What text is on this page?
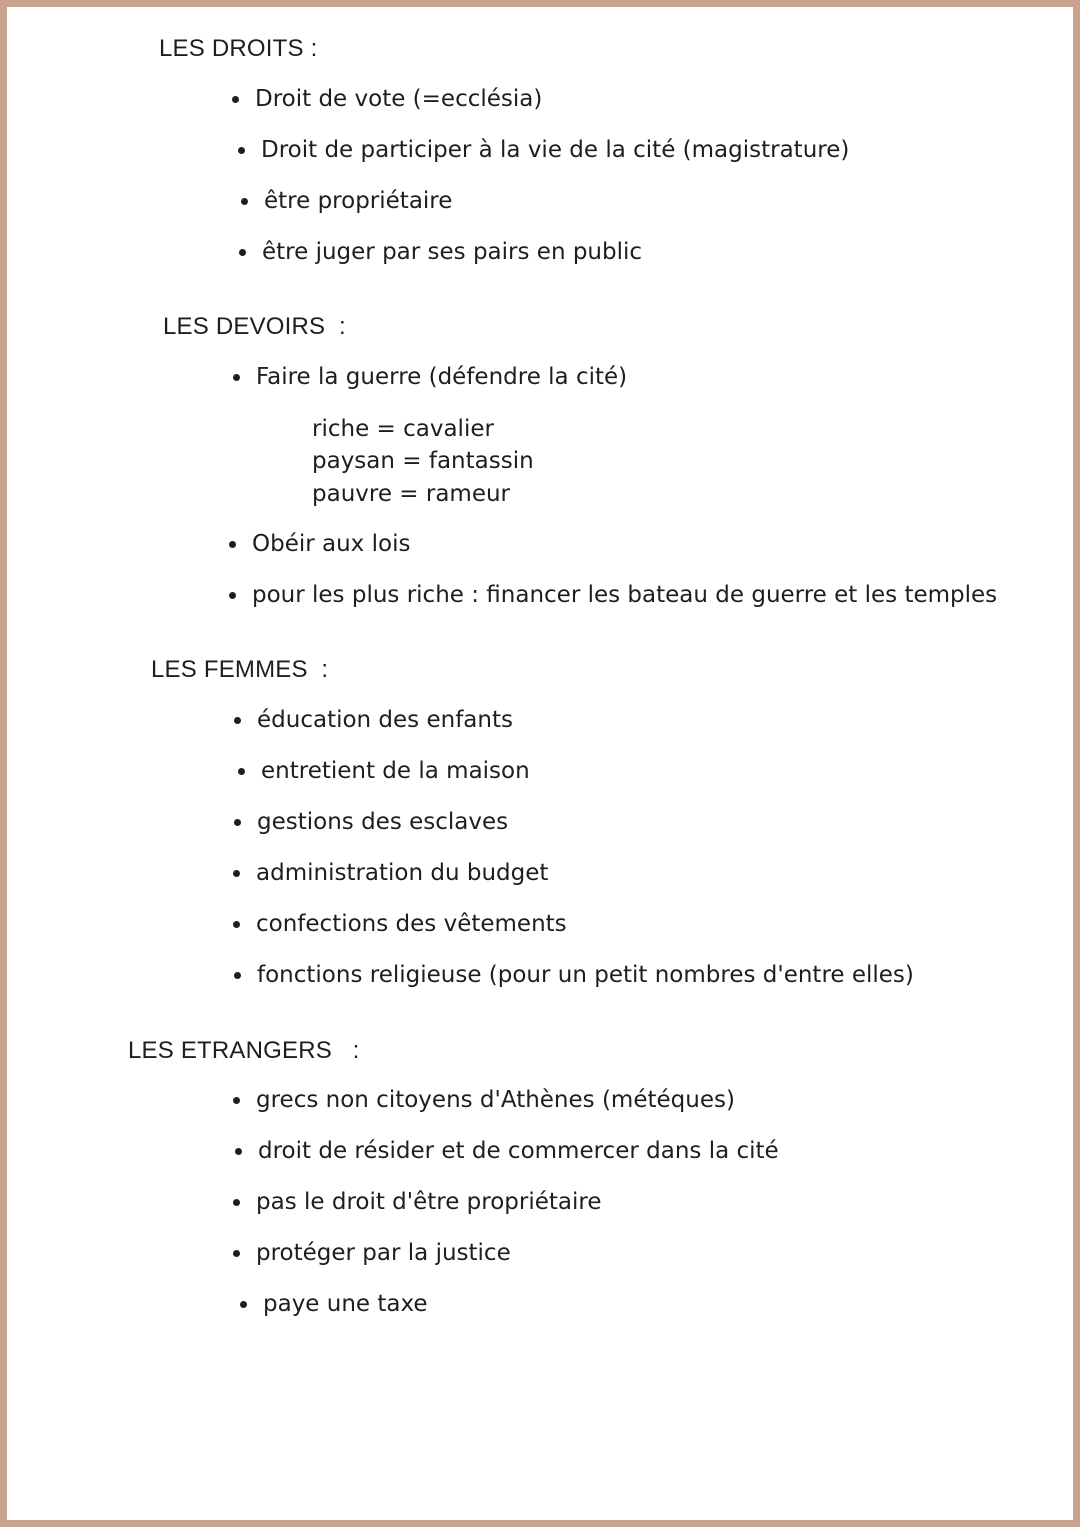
LES DROITS :
Droit de vote (=ecclésia)
Droit de participer à la vie de la cité (magistrature)
être propriétaire
être juger par ses pairs en public
LES DEVOIRS  :
Faire la guerre (défendre la cité)
riche = cavalier
paysan = fantassin
pauvre = rameur
Obéir aux lois
pour les plus riche : financer les bateau de guerre et les temples
LES FEMMES  :
éducation des enfants
entretient de la maison
gestions des esclaves
administration du budget
confections des vêtements
fonctions religieuse (pour un petit nombres d'entre elles)
LES ETRANGERS   :
grecs non citoyens d'Athènes (météques)
droit de résider et de commercer dans la cité
pas le droit d'être propriétaire
protéger par la justice
paye une taxe
